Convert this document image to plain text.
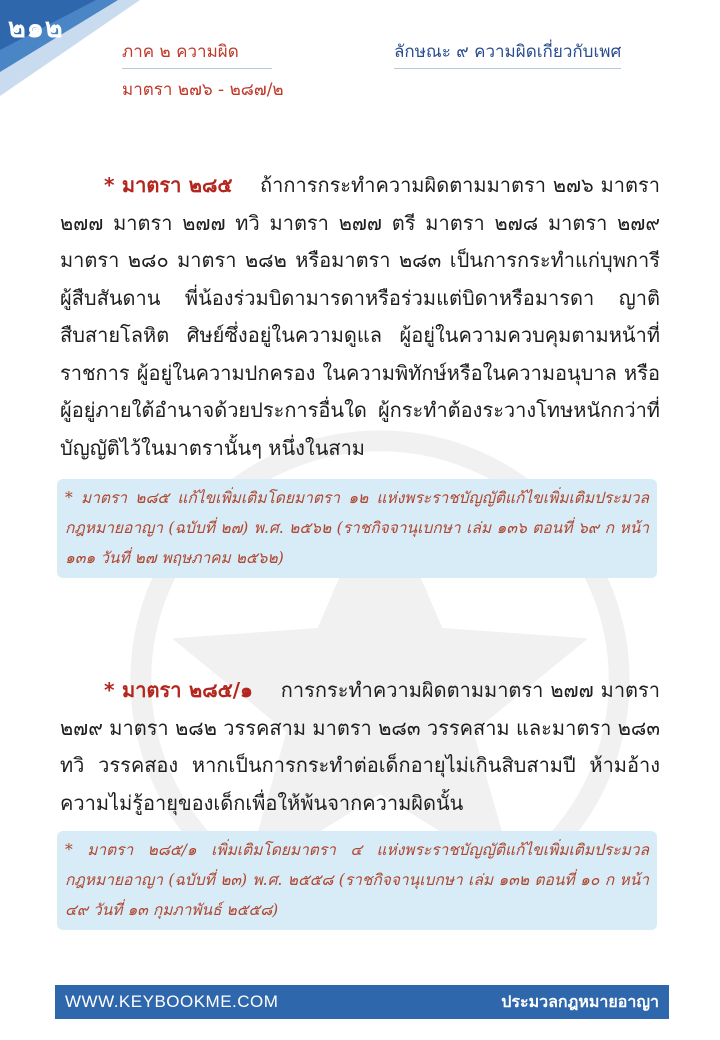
๒๑๒
ภาค ๒ ความผิด
มาตรา ๒๗๖ - ๒๘๗/๒
ลักษณะ ๙ ความผิดเกี่ยวกับเพศ
* มาตรา ๒๘๕ ถ้าการกระทำความผิดตามมาตรา ๒๗๖ มาตรา ๒๗๗ มาตรา ๒๗๗ ทวิ มาตรา ๒๗๗ ตรี มาตรา ๒๗๘ มาตรา ๒๗๙ มาตรา ๒๘๐ มาตรา ๒๘๒ หรือมาตรา ๒๘๓ เป็นการกระทำแก่บุพการี ผู้สืบสันดาน พี่น้องร่วมบิดามารดาหรือร่วมแต่บิดาหรือมารดา ญาติสืบสายโลหิต ศิษย์ซึ่งอยู่ในความดูแล ผู้อยู่ในความควบคุมตามหน้าที่ราชการ ผู้อยู่ในความปกครอง ในความพิทักษ์หรือในความอนุบาล หรือผู้อยู่ภายใต้อำนาจด้วยประการอื่นใด ผู้กระทำต้องระวางโทษหนักกว่าที่บัญญัติไว้ในมาตรานั้นๆ หนึ่งในสาม
* มาตรา ๒๘๕ แก้ไขเพิ่มเติมโดยมาตรา ๑๒ แห่งพระราชบัญญัติแก้ไขเพิ่มเติมประมวลกฎหมายอาญา (ฉบับที่ ๒๗) พ.ศ. ๒๕๖๒ (ราชกิจจานุเบกษา เล่ม ๑๓๖ ตอนที่ ๖๙ ก หน้า ๑๓๑ วันที่ ๒๗ พฤษภาคม ๒๕๖๒)
* มาตรา ๒๘๕/๑ การกระทำความผิดตามมาตรา ๒๗๗ มาตรา ๒๗๙ มาตรา ๒๘๒ วรรคสาม มาตรา ๒๘๓ วรรคสาม และมาตรา ๒๘๓ ทวิ วรรคสอง หากเป็นการกระทำต่อเด็กอายุไม่เกินสิบสามปี ห้ามอ้างความไม่รู้อายุของเด็กเพื่อให้พ้นจากความผิดนั้น
* มาตรา ๒๘๕/๑ เพิ่มเติมโดยมาตรา ๔ แห่งพระราชบัญญัติแก้ไขเพิ่มเติมประมวลกฎหมายอาญา (ฉบับที่ ๒๓) พ.ศ. ๒๕๕๘ (ราชกิจจานุเบกษา เล่ม ๑๓๒ ตอนที่ ๑๐ ก หน้า ๔๙ วันที่ ๑๓ กุมภาพันธ์ ๒๕๕๘)
WWW.KEYBOOKME.COM	ประมวลกฎหมายอาญา
